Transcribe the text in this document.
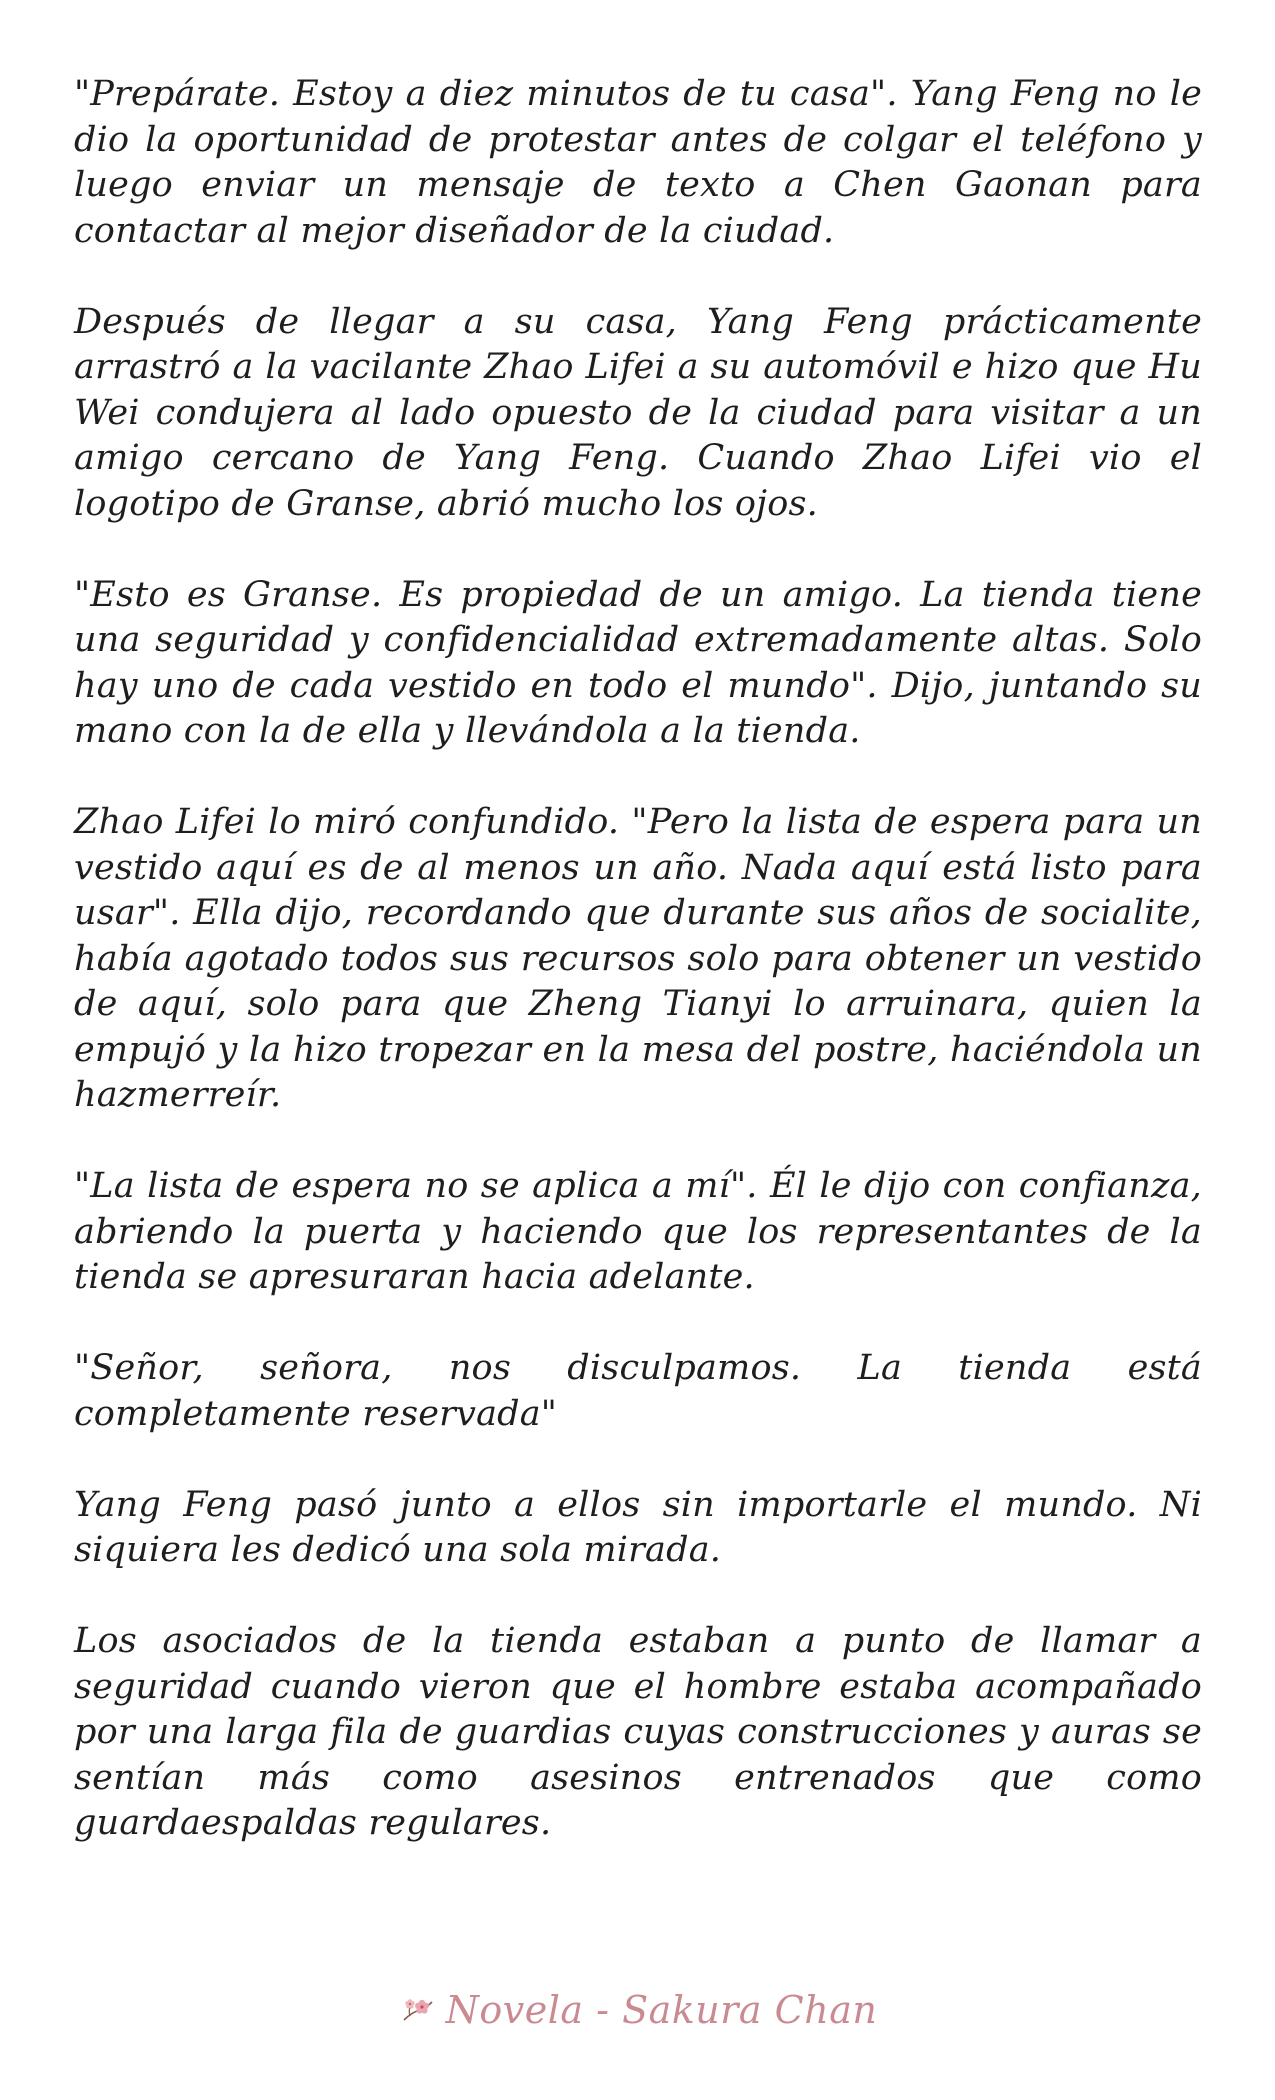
"Prepárate. Estoy a diez minutos de tu casa". Yang Feng no le dio la oportunidad de protestar antes de colgar el teléfono y luego enviar un mensaje de texto a Chen Gaonan para contactar al mejor diseñador de la ciudad.

Después de llegar a su casa, Yang Feng prácticamente arrastró a la vacilante Zhao Lifei a su automóvil e hizo que Hu Wei condujera al lado opuesto de la ciudad para visitar a un amigo cercano de Yang Feng. Cuando Zhao Lifei vio el logotipo de Granse, abrió mucho los ojos.

"Esto es Granse. Es propiedad de un amigo. La tienda tiene una seguridad y confidencialidad extremadamente altas. Solo hay uno de cada vestido en todo el mundo". Dijo, juntando su mano con la de ella y llevándola a la tienda.

Zhao Lifei lo miró confundido. "Pero la lista de espera para un vestido aquí es de al menos un año. Nada aquí está listo para usar". Ella dijo, recordando que durante sus años de socialite, había agotado todos sus recursos solo para obtener un vestido de aquí, solo para que Zheng Tianyi lo arruinara, quien la empujó y la hizo tropezar en la mesa del postre, haciéndola un hazmerreír.

"La lista de espera no se aplica a mí". Él le dijo con confianza, abriendo la puerta y haciendo que los representantes de la tienda se apresuraran hacia adelante.

"Señor, señora, nos disculpamos. La tienda está completamente reservada"

Yang Feng pasó junto a ellos sin importarle el mundo. Ni siquiera les dedicó una sola mirada.

Los asociados de la tienda estaban a punto de llamar a seguridad cuando vieron que el hombre estaba acompañado por una larga fila de guardias cuyas construcciones y auras se sentían más como asesinos entrenados que como guardaespaldas regulares.

Novela - Sakura Chan
